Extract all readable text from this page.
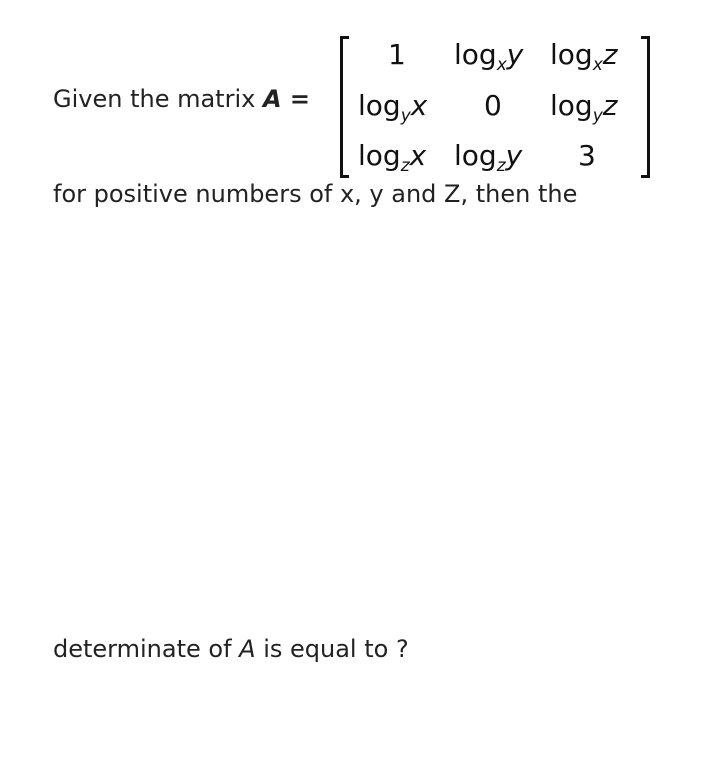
Given the matrix A =
1 $\log_xy$ $\log_xz$
$\log_yx$ 0 $\log_yz$
$\log_zx$ $\log_zy$ 3
for positive numbers of x, y and Z, then the
determinate of A is equal to ?
